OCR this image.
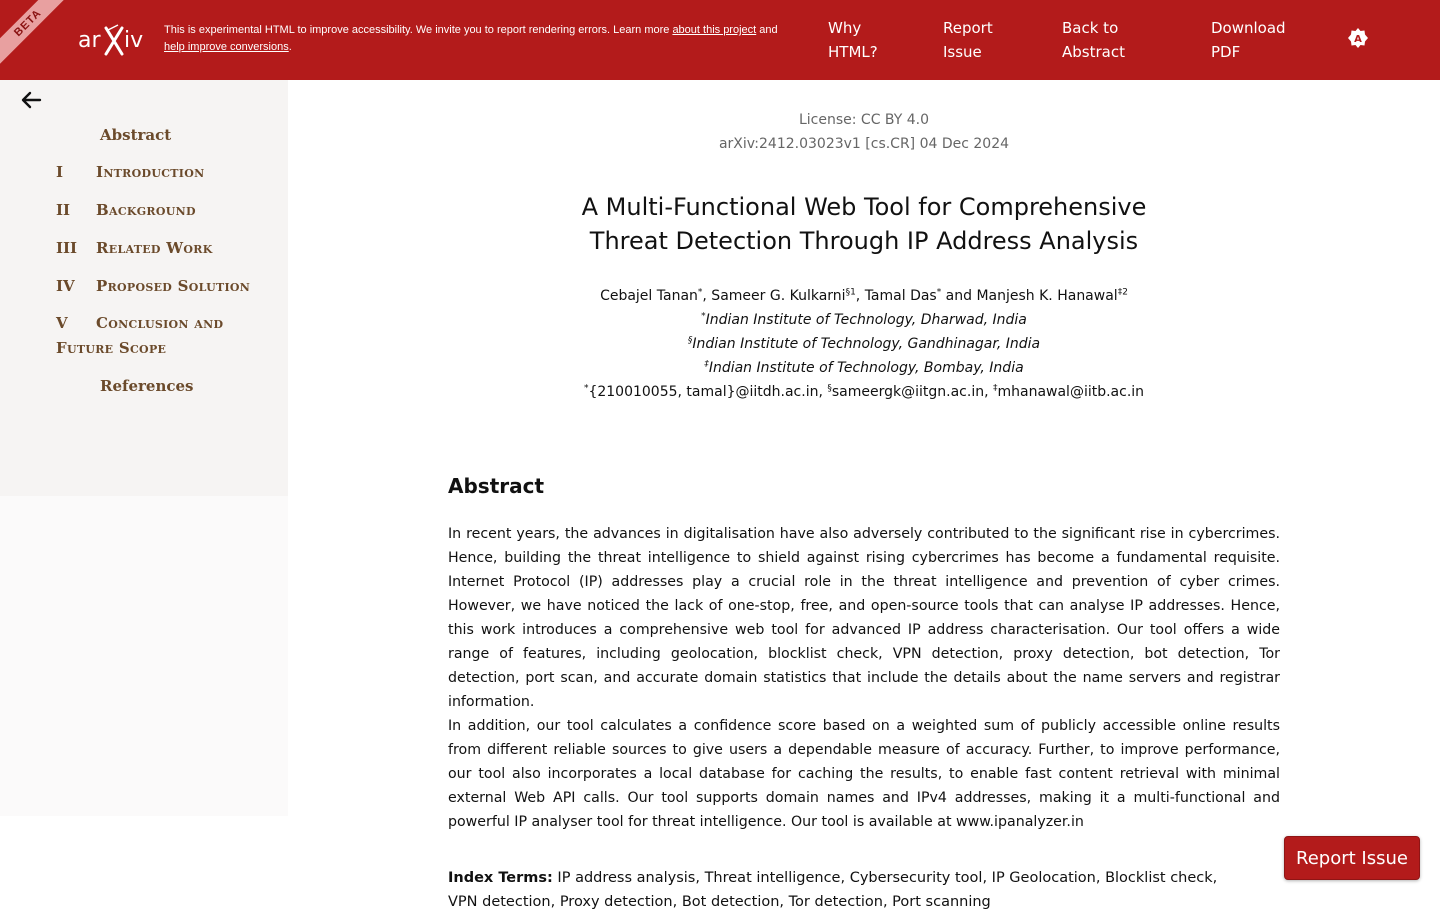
BETA
ar iv This is experimental HTML to improve accessibility. We invite you to report rendering errors. Learn more about this project and
help improve conversions.
Why
HTML?
Report
Issue
Back to
Abstract
Download
PDF
A
Abstract
I Introduction
II Background
III Related Work
IV Proposed Solution
V Conclusion and
Future Scope
References
License: CC BY 4.0
arXiv:2412.03023v1 [cs.CR] 04 Dec 2024
A Multi-Functional Web Tool for Comprehensive
Threat Detection Through IP Address Analysis
Cebajel Tanan*, Sameer G. Kulkarni$^{\S 1}$, Tamal Das* and Manjesh K. Hanawal$^{\ddagger 2}$
*Indian Institute of Technology, Dharwad, India
§Indian Institute of Technology, Gandhinagar, India
‡Indian Institute of Technology, Bombay, India
*{210010055, tamal}@iitdh.ac.in, §sameergk@iitgn.ac.in, ‡mhanawal@iitb.ac.in
Abstract

In recent years, the advances in digitalisation have also adversely contributed to the significant rise in cybercrimes. Hence, building the threat intelligence to shield against rising cybercrimes has become a fundamental requisite. Internet Protocol (IP) addresses play a crucial role in the threat intelligence and prevention of cyber crimes. However, we have noticed the lack of one-stop, free, and open-source tools that can analyse IP addresses. Hence, this work introduces a comprehensive web tool for advanced IP address characterisation. Our tool offers a wide range of features, including geolocation, blocklist check, VPN detection, proxy detection, bot detection, Tor detection, port scan, and accurate domain statistics that include the details about the name servers and registrar information.

In addition, our tool calculates a confidence score based on a weighted sum of publicly accessible online results from different reliable sources to give users a dependable measure of accuracy. Further, to improve performance, our tool also incorporates a local database for caching the results, to enable fast content retrieval with minimal external Web API calls. Our tool supports domain names and IPv4 addresses, making it a multi-functional and powerful IP analyser tool for threat intelligence. Our tool is available at www.ipanalyzer.in

Index Terms: IP address analysis, Threat intelligence, Cybersecurity tool, IP Geolocation, Blocklist check, VPN detection, Proxy detection, Bot detection, Tor detection, Port scanning
Report Issue
